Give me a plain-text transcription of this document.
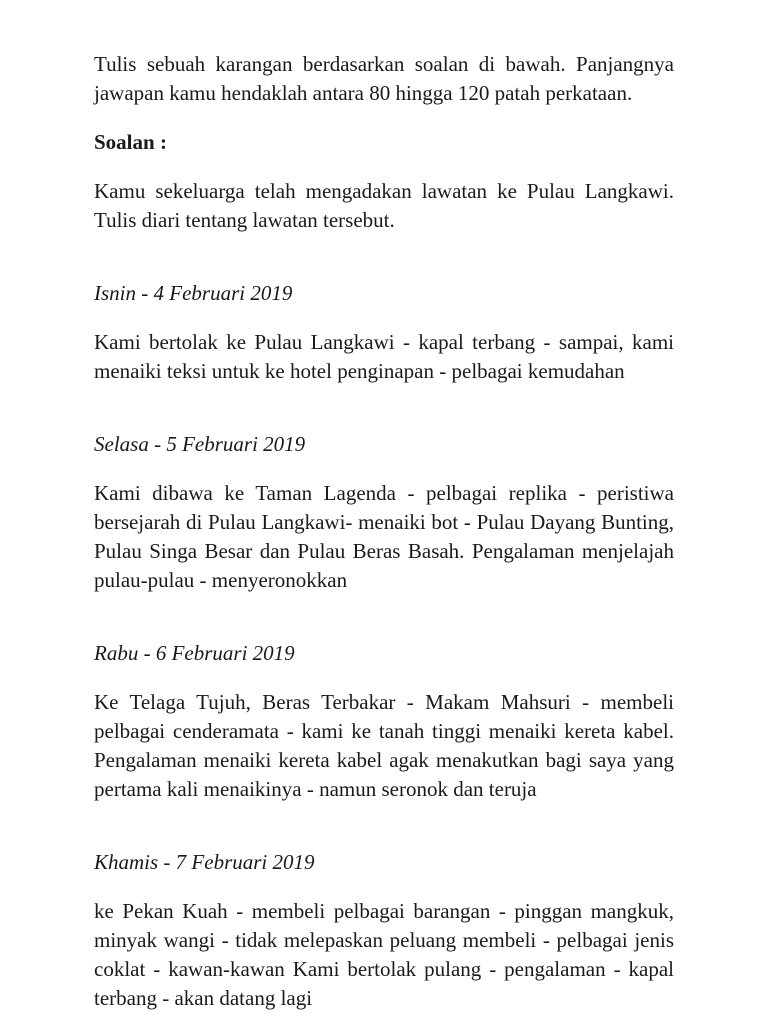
Tulis sebuah karangan berdasarkan soalan di bawah. Panjangnya jawapan kamu hendaklah antara 80 hingga 120 patah perkataan.

Soalan :

Kamu sekeluarga telah mengadakan lawatan ke Pulau Langkawi. Tulis diari tentang lawatan tersebut.

Isnin - 4 Februari 2019

Kami bertolak ke Pulau Langkawi - kapal terbang - sampai, kami menaiki teksi untuk ke hotel penginapan - pelbagai kemudahan

Selasa - 5 Februari 2019

Kami dibawa ke Taman Lagenda - pelbagai replika - peristiwa bersejarah di Pulau Langkawi- menaiki bot - Pulau Dayang Bunting, Pulau Singa Besar dan Pulau Beras Basah. Pengalaman menjelajah pulau-pulau - menyeronokkan

Rabu - 6 Februari 2019

Ke Telaga Tujuh, Beras Terbakar - Makam Mahsuri - membeli pelbagai cenderamata - kami ke tanah tinggi menaiki kereta kabel. Pengalaman menaiki kereta kabel agak menakutkan bagi saya yang pertama kali menaikinya - namun seronok dan teruja

Khamis - 7 Februari 2019

ke Pekan Kuah - membeli pelbagai barangan - pinggan mangkuk, minyak wangi - tidak melepaskan peluang membeli - pelbagai jenis coklat - kawan-kawan Kami bertolak pulang - pengalaman - kapal terbang - akan datang lagi
